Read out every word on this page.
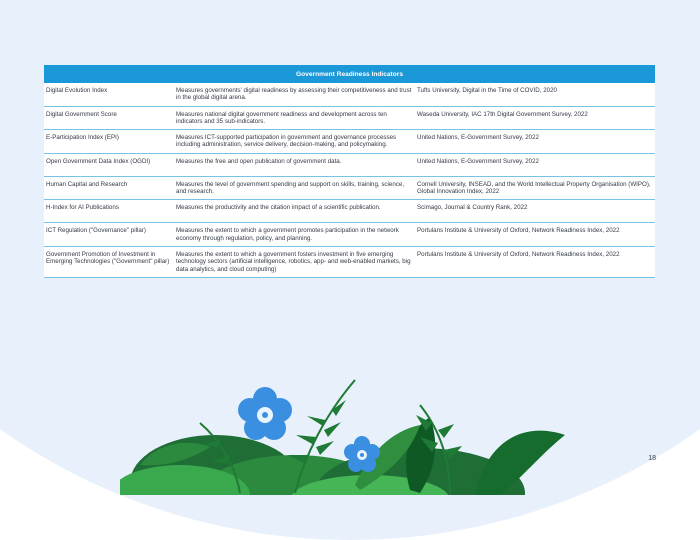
Government Readiness Indicators		
Digital Evolution Index	Measures governments' digital readiness by assessing their competitiveness and trust in the global digital arena.	Tufts University, Digital in the Time of COVID, 2020
Digital Government Score	Measures national digital government readiness and development across ten indicators and 35 sub-indicators.	Waseda University, IAC 17th Digital Government Survey, 2022
E-Participation Index (EPI)	Measures ICT-supported participation in government and governance processes including administration, service delivery, decision-making, and policymaking.	United Nations, E-Government Survey, 2022
Open Government Data Index (OGDI)	Measures the free and open publication of government data.	United Nations, E-Government Survey, 2022
Human Capital and Research	Measures the level of government spending and support on skills, training, science, and research.	Cornell University, INSEAD, and the World Intellectual Property Organisation (WIPO), Global Innovation Index, 2022
H-Index for AI Publications	Measures the productivity and the citation impact of a scientific publication.	Scimago, Journal & Country Rank, 2022
ICT Regulation ("Governance" pillar)	Measures the extent to which a government promotes participation in the network economy through regulation, policy, and planning.	Portulans Institute & University of Oxford, Network Readiness Index, 2022
Government Promotion of Investment in Emerging Technologies ("Government" pillar)	Measures the extent to which a government fosters investment in five emerging technology sectors (artificial intelligence, robotics, app- and web-enabled markets, big data analytics, and cloud computing)	Portulans Institute & University of Oxford, Network Readiness Index, 2022
18
